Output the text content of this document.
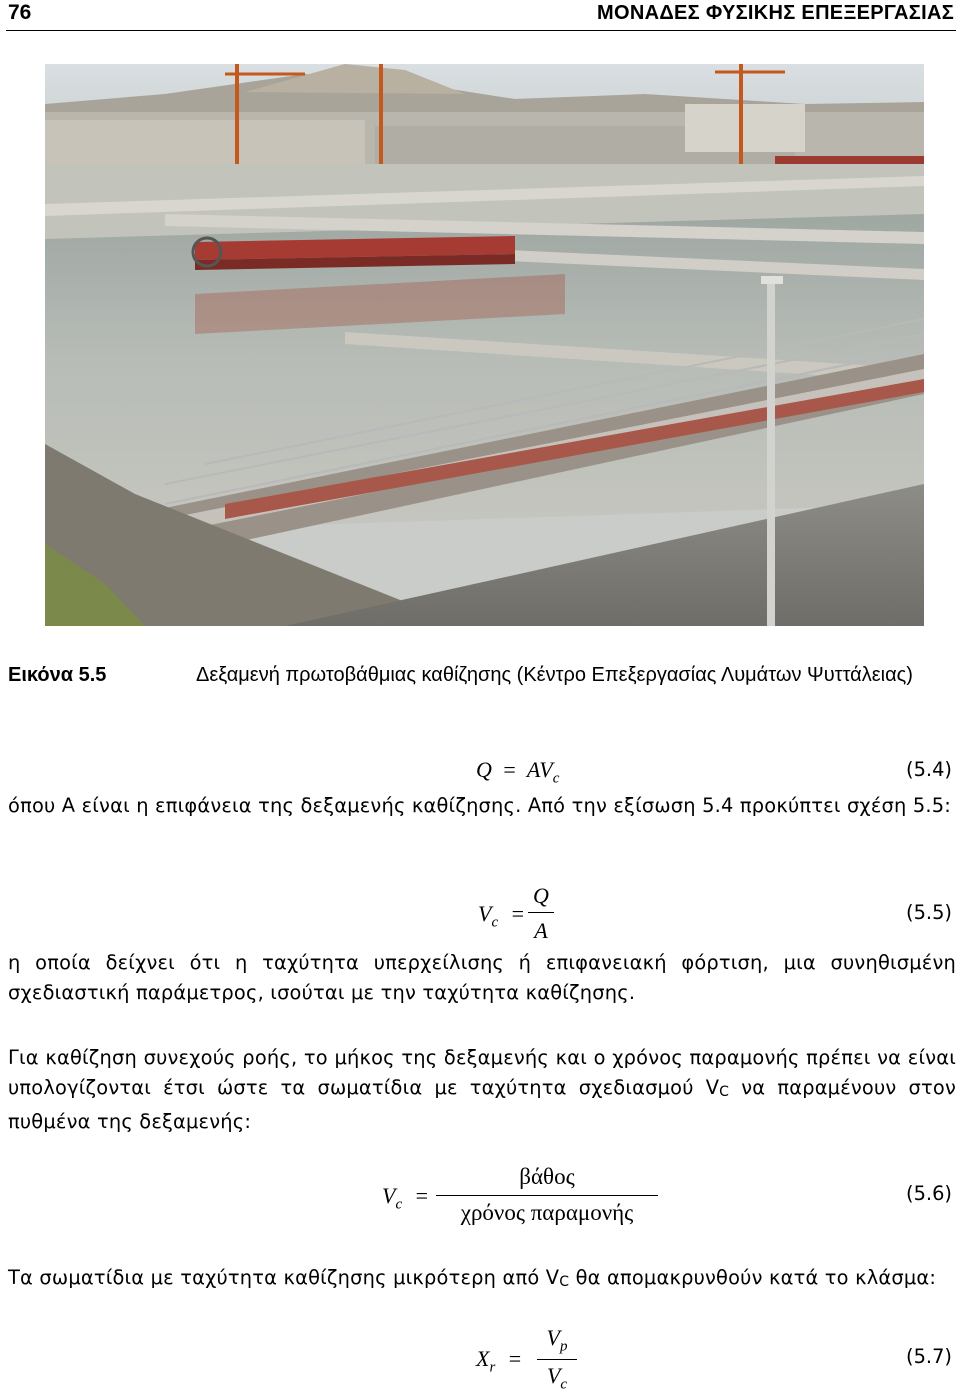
76	ΜΟΝΑΔΕΣ ΦΥΣΙΚΗΣ ΕΠΕΞΕΡΓΑΣΙΑΣ
Εικόνα 5.5	Δεξαμενή πρωτοβάθμιας καθίζησης (Κέντρο Επεξεργασίας Λυμάτων Ψυττάλειας)
$Q = AV_c$	(5.4)
όπου Α είναι η επιφάνεια της δεξαμενής καθίζησης. Από την εξίσωση 5.4 προκύπτει σχέση 5.5:
$V_c$ =
Q
A
(5.5)
η οποία δείχνει ότι η ταχύτητα υπερχείλισης ή επιφανειακή φόρτιση, μια συνηθισμένη σχεδιαστική παράμετρος, ισούται με την ταχύτητα καθίζησης.
Για καθίζηση συνεχούς ροής, το μήκος της δεξαμενής και ο χρόνος παραμονής πρέπει να είναι υπολογίζονται έτσι ώστε τα σωματίδια με ταχύτητα σχεδιασμού $V_C$ να παραμένουν στον πυθμένα της δεξαμενής:
$V_c$ =
βάθος
χρόνος παραμονής
(5.6)
Τα σωματίδια με ταχύτητα καθίζησης μικρότερη από $V_C$ θα απομακρυνθούν κατά το κλάσμα:
$X_r$ =
$V_p$
$V_c$
(5.7)
